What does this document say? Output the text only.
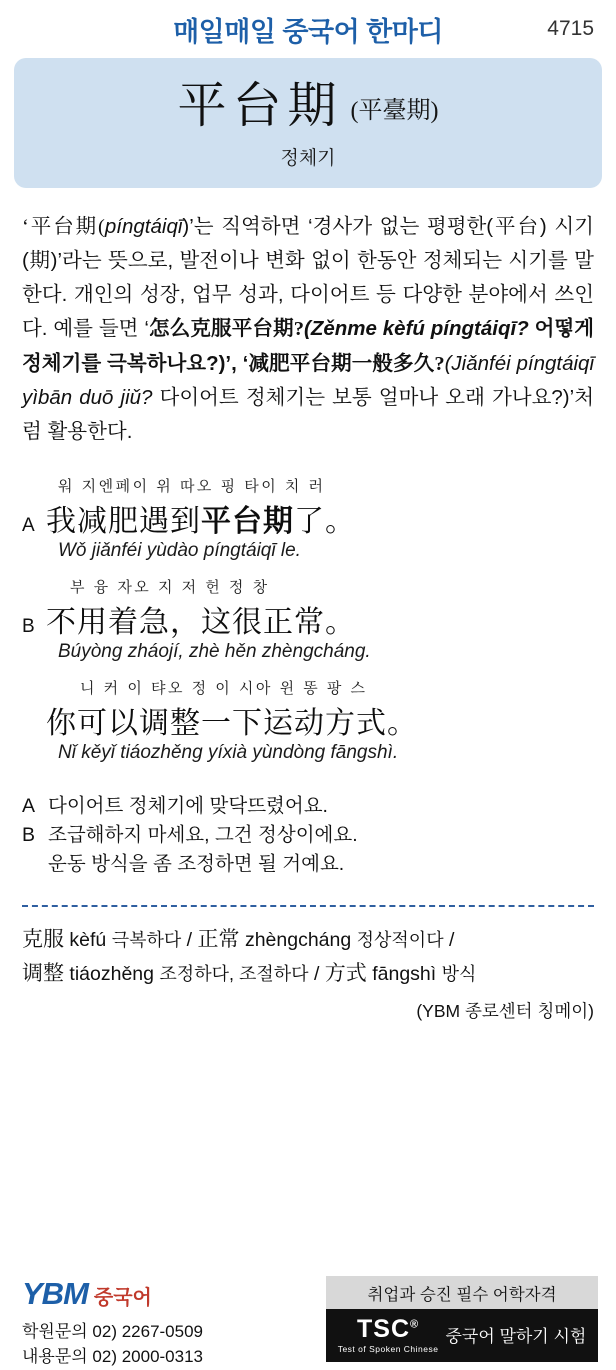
매일매일 중국어 한마디	4715
平台期 (平臺期)
정체기
‘平台期(píngtáiqī)’는 직역하면 ‘경사가 없는 평평한(平台) 시기(期)’라는 뜻으로, 발전이나 변화 없이 한동안 정체되는 시기를 말한다. 개인의 성장, 업무 성과, 다이어트 등 다양한 분야에서 쓰인다. 예를 들면 ‘怎么克服平台期?(Zěnme kèfú píngtáiqī? 어떻게 정체기를 극복하나요?)’, ‘减肥平台期一般多久?(Jiǎnféi píngtáiqī yìbān duō jiǔ? 다이어트 정체기는 보통 얼마나 오래 가나요?)’처럼 활용한다.
워 지엔페이 위 따오 핑 타이 치 러
A 我减肥遇到平台期了。
Wǒ jiǎnféi yùdào píngtáiqī le.
부 융 자오 지 저 헌 정 창
B 不用着急，这很正常。
Búyòng zháojí, zhè hěn zhèngcháng.
니 커 이 탸오 정 이 시아 윈 똥 팡 스
你可以调整一下运动方式。
Nǐ kěyǐ tiáozhěng yíxià yùndòng fāngshì.
A 다이어트 정체기에 맞닥뜨렸어요.
B 조급해하지 마세요, 그건 정상이에요.
운동 방식을 좀 조정하면 될 거예요.
克服 kèfú 극복하다 / 正常 zhèngcháng 정상적이다 /
调整 tiáozhěng 조정하다, 조절하다 / 方式 fāngshì 방식
(YBM 종로센터 칭메이)
YBM 중국어
학원문의 02) 2267-0509
내용문의 02) 2000-0313
취업과 승진 필수 어학자격
TSC®
Test of Spoken Chinese
중국어 말하기 시험
